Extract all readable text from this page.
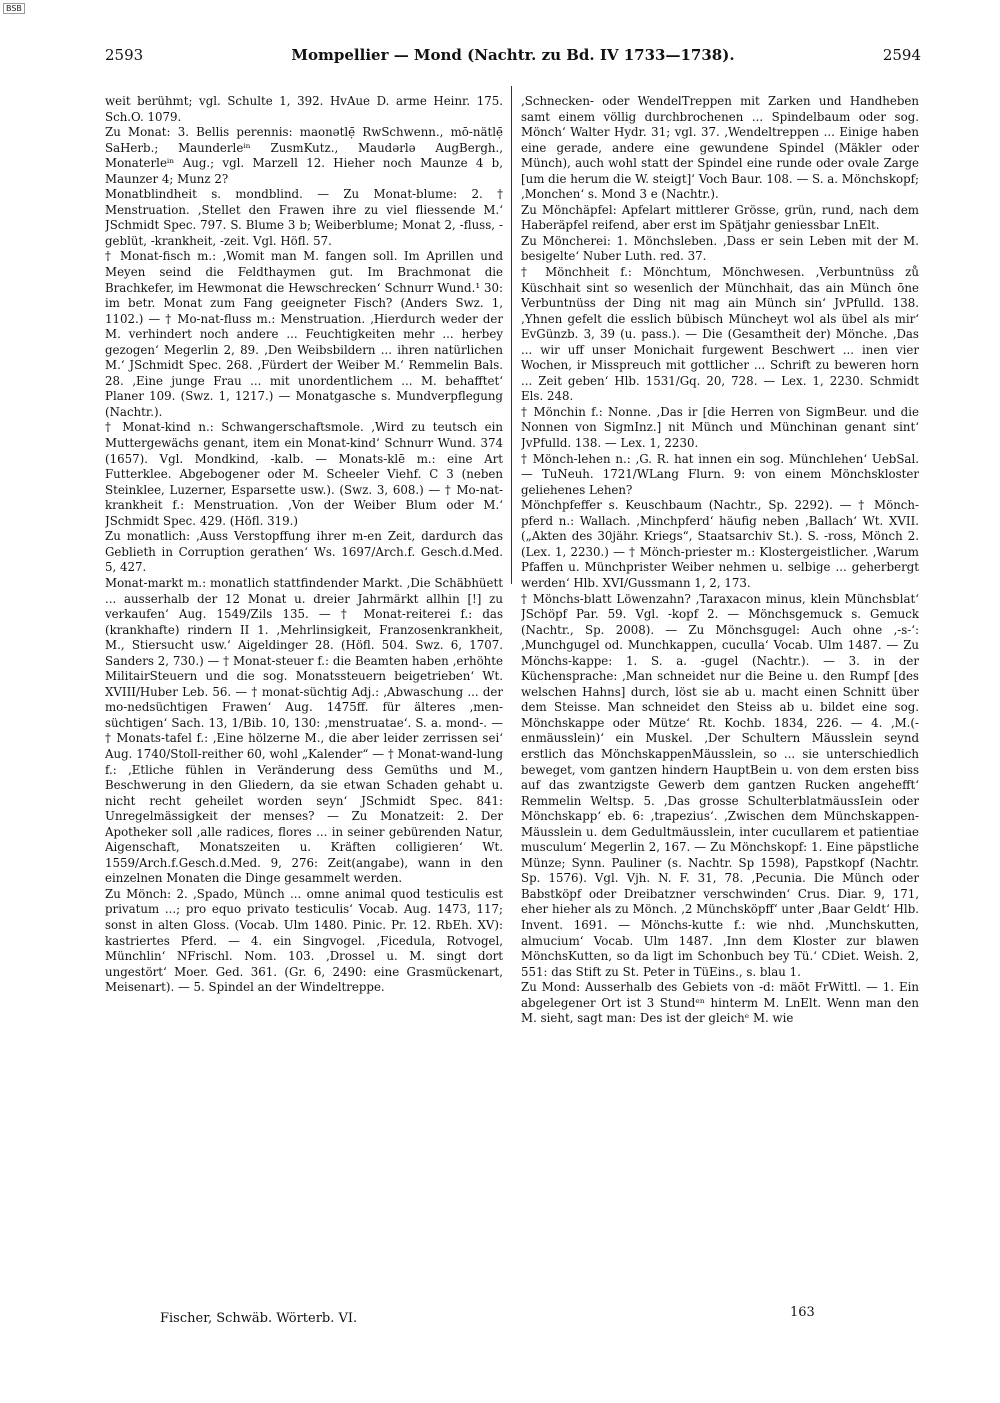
BSB
2593	Mompellier — Mond (Nachtr. zu Bd. IV 1733—1738).	2594

weit berühmt; vgl. Schulte 1, 392. HvAue D. arme Heinr. 175. Sch.O. 1079.

Zu Monat: 3. Bellis perennis: maonətlẹ̄ RwSchwenn., mō-nätlẹ̄ SaHerb.; Maunderleⁱⁿ ZusmKutz., Maudərlə AugBergh., Monaterleⁱⁿ Aug.; vgl. Marzell 12. Hieher noch Maunze 4 b, Maunzer 4; Munz 2?

Monatblindheit s. mondblind. — Zu Monat-blume: 2. † Menstruation. ‚Stellet den Frawen ihre zu viel fliessende M.‘ JSchmidt Spec. 797. S. Blume 3 b; Weiberblume; Monat 2, -fluss, -geblüt, -krankheit, -zeit. Vgl. Höfl. 57.

† Monat-fisch m.: ‚Womit man M. fangen soll. Im Aprillen und Meyen seind die Feldthaymen gut. Im Brachmonat die Brachkefer, im Hewmonat die Hewschrecken‘ Schnurr Wund.¹ 30: im betr. Monat zum Fang geeigneter Fisch? (Anders Swz. 1, 1102.) — † Mo-nat-fluss m.: Menstruation. ‚Hierdurch weder der M. verhindert noch andere ... Feuchtigkeiten mehr ... herbey gezogen‘ Megerlin 2, 89. ‚Den Weibsbildern ... ihren natürlichen M.‘ JSchmidt Spec. 268. ‚Fürdert der Weiber M.‘ Remmelin Bals. 28. ‚Eine junge Frau ... mit unordentlichem ... M. behafftet‘ Planer 109. (Swz. 1, 1217.) — Monatgasche s. Mundverpflegung (Nachtr.).

† Monat-kind n.: Schwangerschaftsmole. ‚Wird zu teutsch ein Muttergewächs genant, item ein Monat-kind‘ Schnurr Wund. 374 (1657). Vgl. Mondkind, -kalb. — Monats-klē m.: eine Art Futterklee. Abgebogener oder M. Scheeler Viehf. C 3 (neben Steinklee, Luzerner, Esparsette usw.). (Swz. 3, 608.) — † Mo-nat-krankheit f.: Menstruation. ‚Von der Weiber Blum oder M.‘ JSchmidt Spec. 429. (Höfl. 319.)

Zu monatlich: ‚Auss Verstopffung ihrer m-en Zeit, dardurch das Geblieth in Corruption gerathen‘ Ws. 1697/Arch.f. Gesch.d.Med. 5, 427.

Monat-markt m.: monatlich stattfindender Markt. ‚Die Schäbhüett ... ausserhalb der 12 Monat u. dreier Jahrmärkt allhin [!] zu verkaufen‘ Aug. 1549/Zils 135. — † Monat-reiterei f.: das (krankhafte) rindern II 1. ‚Mehrlinsigkeit, Franzosenkrankheit, M., Stiersucht usw.‘ Aigeldinger 28. (Höfl. 504. Swz. 6, 1707. Sanders 2, 730.) — † Monat-steuer f.: die Beamten haben ‚erhöhte MilitairSteuern und die sog. Monatssteuern beigetrieben‘ Wt. XVIII/Huber Leb. 56. — † monat-süchtig Adj.: ‚Abwaschung ... der mo-nedsüchtigen Frawen‘ Aug. 1475ff. für älteres ‚men-süchtigen‘ Sach. 13, 1/Bib. 10, 130: ‚menstruatae‘. S. a. mond-. — † Monats-tafel f.: ‚Eine hölzerne M., die aber leider zerrissen sei‘ Aug. 1740/Stoll-reither 60, wohl „Kalender“ — † Monat-wand-lung f.: ‚Etliche fühlen in Veränderung dess Gemüths und M., Beschwerung in den Gliedern, da sie etwan Schaden gehabt u. nicht recht geheilet worden seyn‘ JSchmidt Spec. 841: Unregelmässigkeit der menses? — Zu Monatzeit: 2. Der Apotheker soll ‚alle radices, flores ... in seiner gebürenden Natur, Aigenschaft, Monatszeiten u. Kräften colligieren‘ Wt. 1559/Arch.f.Gesch.d.Med. 9, 276: Zeit(angabe), wann in den einzelnen Monaten die Dinge gesammelt werden.

Zu Mönch: 2. ‚Spado, Münch ... omne animal quod testiculis est privatum ...; pro equo privato testiculis‘ Vocab. Aug. 1473, 117; sonst in alten Gloss. (Vocab. Ulm 1480. Pinic. Pr. 12. RbEh. XV): kastriertes Pferd. — 4. ein Singvogel. ‚Ficedula, Rotvogel, Münchlin‘ NFrischl. Nom. 103. ‚Drossel u. M. singt dort ungestört‘ Moer. Ged. 361. (Gr. 6, 2490: eine Grasmückenart, Meisenart). — 5. Spindel an der Windeltreppe.

‚Schnecken- oder WendelTreppen mit Zarken und Handheben samt einem völlig durchbrochenen ... Spindelbaum oder sog. Mönch‘ Walter Hydr. 31; vgl. 37. ‚Wendeltreppen ... Einige haben eine gerade, andere eine gewundene Spindel (Mäkler oder Münch), auch wohl statt der Spindel eine runde oder ovale Zarge [um die herum die W. steigt]‘ Voch Baur. 108. — S. a. Mönchskopf; ‚Monchen‘ s. Mond 3 e (Nachtr.).

Zu Mönchäpfel: Apfelart mittlerer Grösse, grün, rund, nach dem Haberäpfel reifend, aber erst im Spätjahr geniessbar LnElt.

Zu Möncherei: 1. Mönchsleben. ‚Dass er sein Leben mit der M. besigelte‘ Nuber Luth. red. 37.

† Mönchheit f.: Mönchtum, Mönchwesen. ‚Verbuntnüss zů Küschhait sint so wesenlich der Münchhait, das ain Münch ōne Verbuntnüss der Ding nit mag ain Münch sin‘ JvPfulld. 138. ‚Yhnen gefelt die esslich bübisch Müncheyt wol als übel als mir‘ EvGünzb. 3, 39 (u. pass.). — Die (Gesamtheit der) Mönche. ‚Das ... wir uff unser Monichait furgewent Beschwert ... inen vier Wochen, ir Misspreuch mit gottlicher ... Schrift zu beweren horn ... Zeit geben‘ Hlb. 1531/Gq. 20, 728. — Lex. 1, 2230. Schmidt Els. 248.

† Mönchin f.: Nonne. ‚Das ir [die Herren von SigmBeur. und die Nonnen von SigmInz.] nit Münch und Münchinan genant sint‘ JvPfulld. 138. — Lex. 1, 2230.

† Mönch-lehen n.: ‚G. R. hat innen ein sog. Münchlehen‘ UebSal. — TuNeuh. 1721/WLang Flurn. 9: von einem Mönchskloster geliehenes Lehen?

Mönchpfeffer s. Keuschbaum (Nachtr., Sp. 2292). — † Mönch-pferd n.: Wallach. ‚Minchpferd‘ häufig neben ‚Ballach‘ Wt. XVII. („Akten des 30jähr. Kriegs“, Staatsarchiv St.). S. -ross, Mönch 2. (Lex. 1, 2230.) — † Mönch-priester m.: Klostergeistlicher. ‚Warum Pfaffen u. Münchprister Weiber nehmen u. selbige ... geherbergt werden‘ Hlb. XVI/Gussmann 1, 2, 173.

† Mönchs-blatt Löwenzahn? ‚Taraxacon minus, klein Münchsblat‘ JSchöpf Par. 59. Vgl. -kopf 2. — Mönchsgemuck s. Gemuck (Nachtr., Sp. 2008). — Zu Mönchsgugel: Auch ohne ‚-s-‘: ‚Munchgugel od. Munchkappen, cucullа‘ Vocab. Ulm 1487. — Zu Mönchs-kappe: 1. S. a. -gugel (Nachtr.). — 3. in der Küchensprache: ‚Man schneidet nur die Beine u. den Rumpf [des welschen Hahns] durch, löst sie ab u. macht einen Schnitt über dem Steisse. Man schneidet den Steiss ab u. bildet eine sog. Mönchskappe oder Mütze‘ Rt. Kochb. 1834, 226. — 4. ‚M.(-enmäusslein)‘ ein Muskel. ‚Der Schultern Mäusslein seynd erstlich das MönchskappenMäusslein, so ... sie unterschiedlich beweget, vom gantzen hindern HauptBein u. von dem ersten biss auf das zwantzigste Gewerb dem gantzen Rucken angehefft‘ Remmelin Weltsp. 5. ‚Das grosse SchulterblatmäussIein oder Mönchskapp‘ eb. 6: ‚trapezius‘. ‚Zwischen dem Münchskappen-Mäusslein u. dem Gedultmäusslein, inter cucullarem et patientiae musculum‘ Megerlin 2, 167. — Zu Mönchskopf: 1. Eine päpstliche Münze; Synn. Pauliner (s. Nachtr. Sp 1598), Papstkopf (Nachtr. Sp. 1576). Vgl. Vjh. N. F. 31, 78. ‚Pecunia. Die Münch oder Babstköpf oder Dreibatzner verschwinden‘ Crus. Diar. 9, 171, eher hieher als zu Mönch. ‚2 Münchsköpff‘ unter ‚Baar Geldt‘ Hlb. Invent. 1691. — Mönchs-kutte f.: wie nhd. ‚Munchskutten, almucium‘ Vocab. Ulm 1487. ‚Inn dem Kloster zur blawen MönchsKutten, so da ligt im Schonbuch bey Tü.‘ CDiet. Weish. 2, 551: das Stift zu St. Peter in TüEins., s. blau 1.

Zu Mond: Ausserhalb des Gebiets von -d: mäōt FrWittl. — 1. Ein abgelegener Ort ist 3 Stundᵉⁿ hinterm M. LnElt. Wenn man den M. sieht, sagt man: Des ist der gleichᵉ M. wie

Fischer, Schwäb. Wörterb. VI.	163
